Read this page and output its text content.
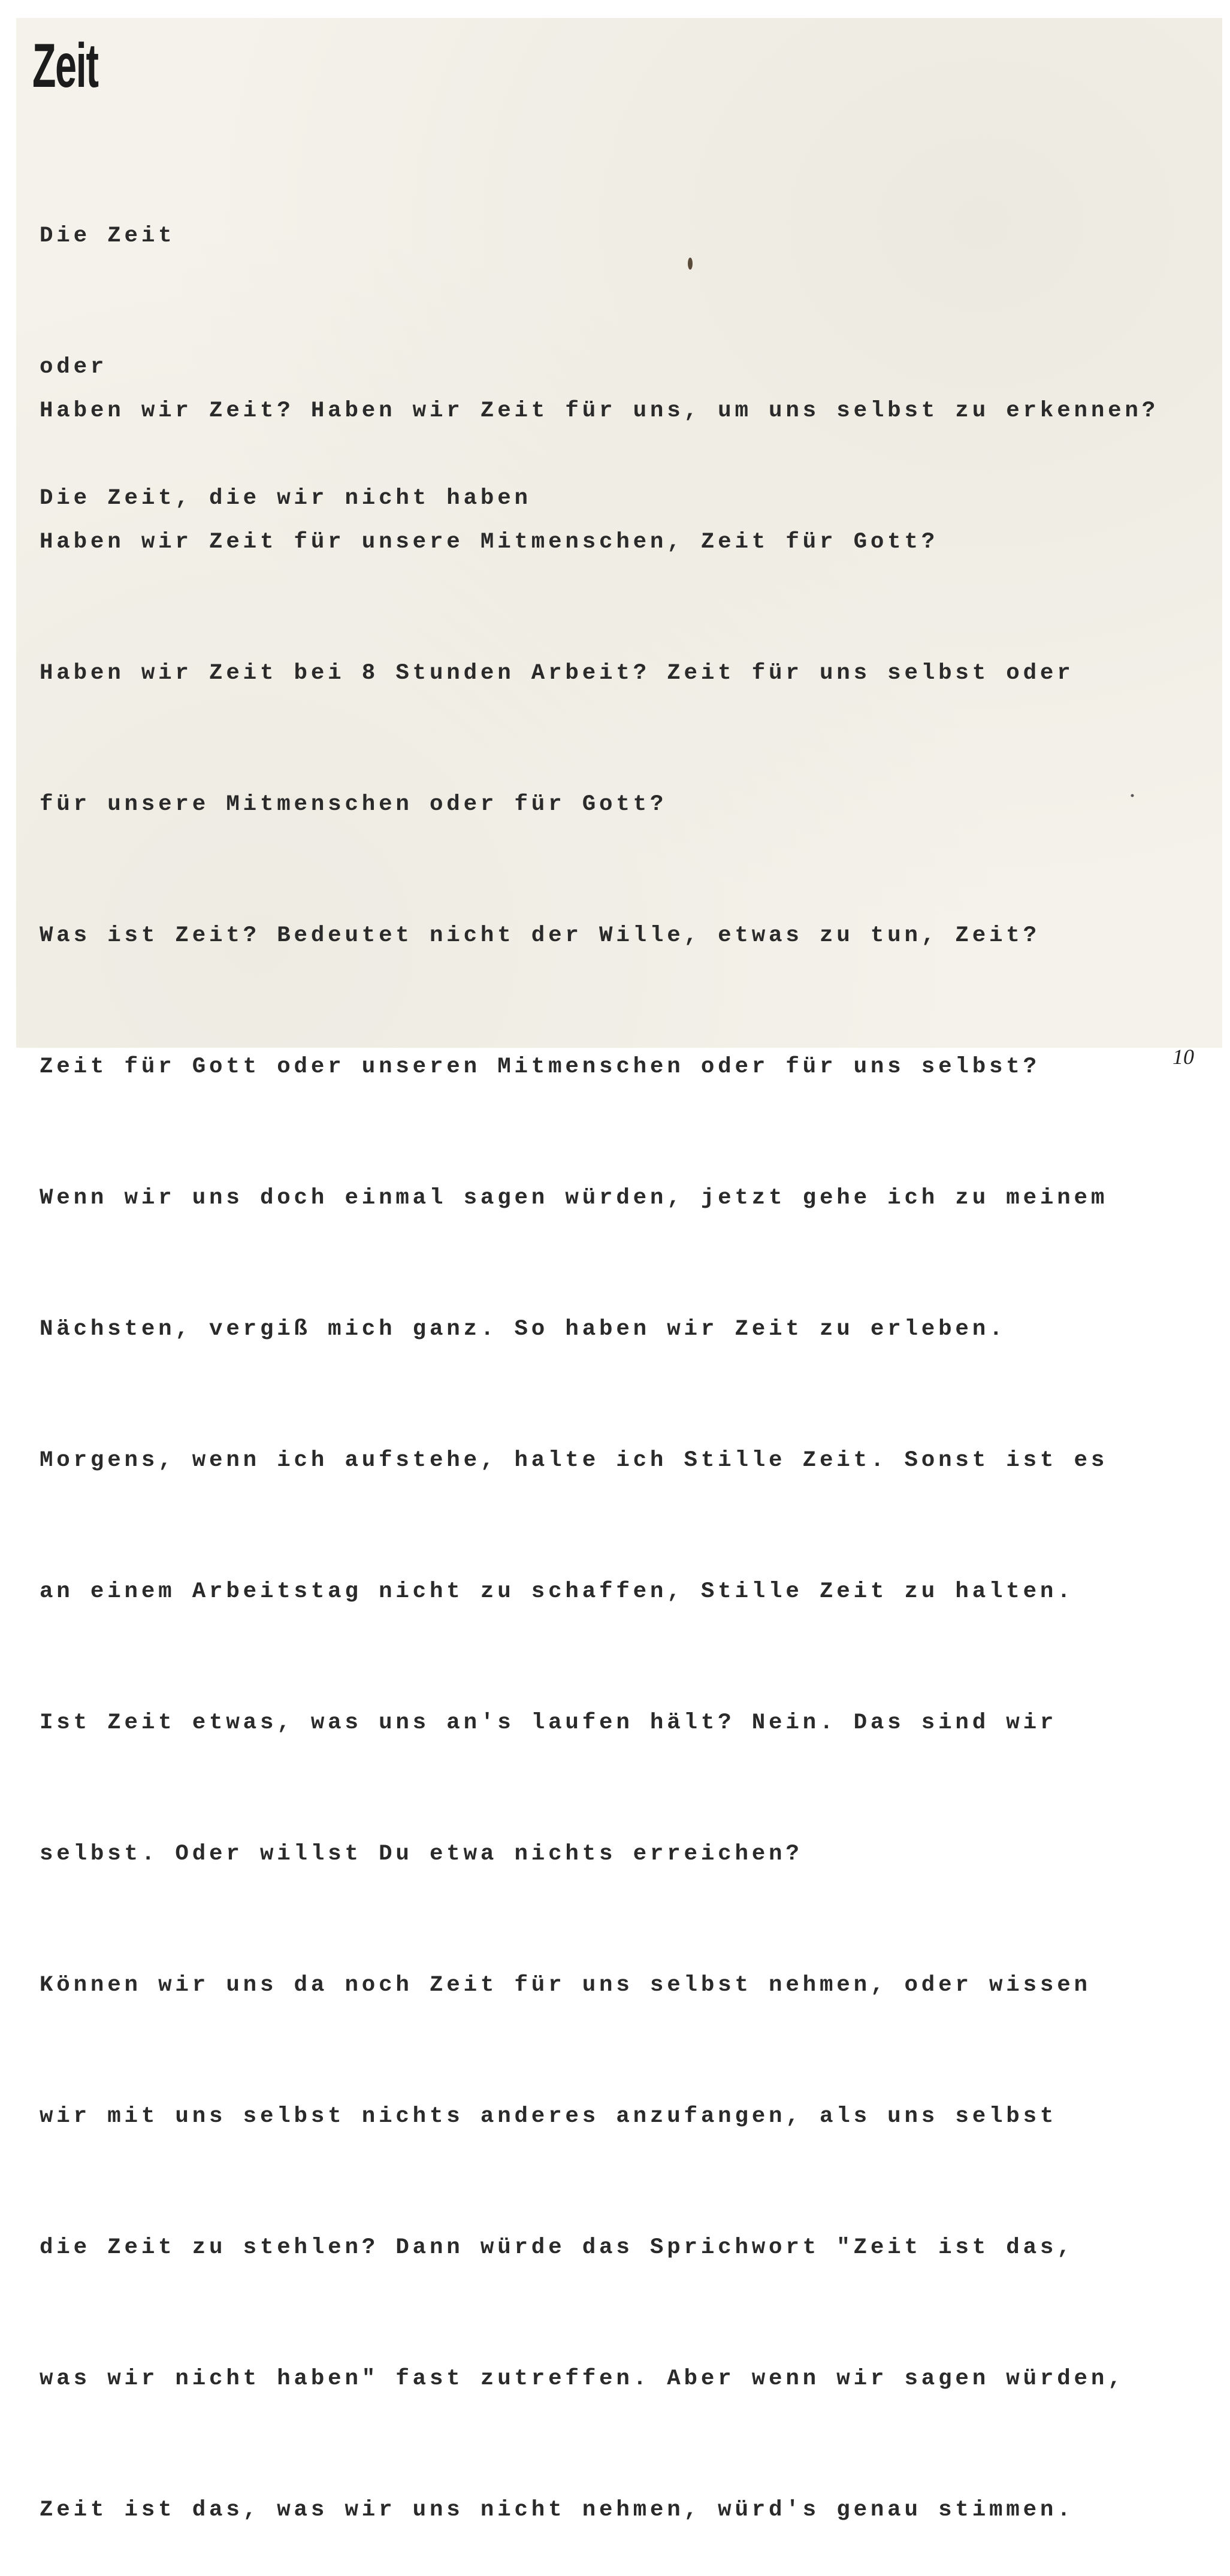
Zeit

Die Zeit

oder

Die Zeit, die wir nicht haben

Haben wir Zeit? Haben wir Zeit für uns, um uns selbst zu erkennen?

Haben wir Zeit für unsere Mitmenschen, Zeit für Gott?

Haben wir Zeit bei 8 Stunden Arbeit? Zeit für uns selbst oder

für unsere Mitmenschen oder für Gott?

Was ist Zeit? Bedeutet nicht der Wille, etwas zu tun, Zeit?

Zeit für Gott oder unseren Mitmenschen oder für uns selbst?

Wenn wir uns doch einmal sagen würden, jetzt gehe ich zu meinem

Nächsten, vergiß mich ganz. So haben wir Zeit zu erleben.

Morgens, wenn ich aufstehe, halte ich Stille Zeit. Sonst ist es

an einem Arbeitstag nicht zu schaffen, Stille Zeit zu halten.

Ist Zeit etwas, was uns an's laufen hält? Nein. Das sind wir

selbst. Oder willst Du etwa nichts erreichen?

Können wir uns da noch Zeit für uns selbst nehmen, oder wissen

wir mit uns selbst nichts anderes anzufangen, als uns selbst

die Zeit zu stehlen? Dann würde das Sprichwort "Zeit ist das,

was wir nicht haben" fast zutreffen. Aber wenn wir sagen würden,

Zeit ist das, was wir uns nicht nehmen, würd's genau stimmen.

10
